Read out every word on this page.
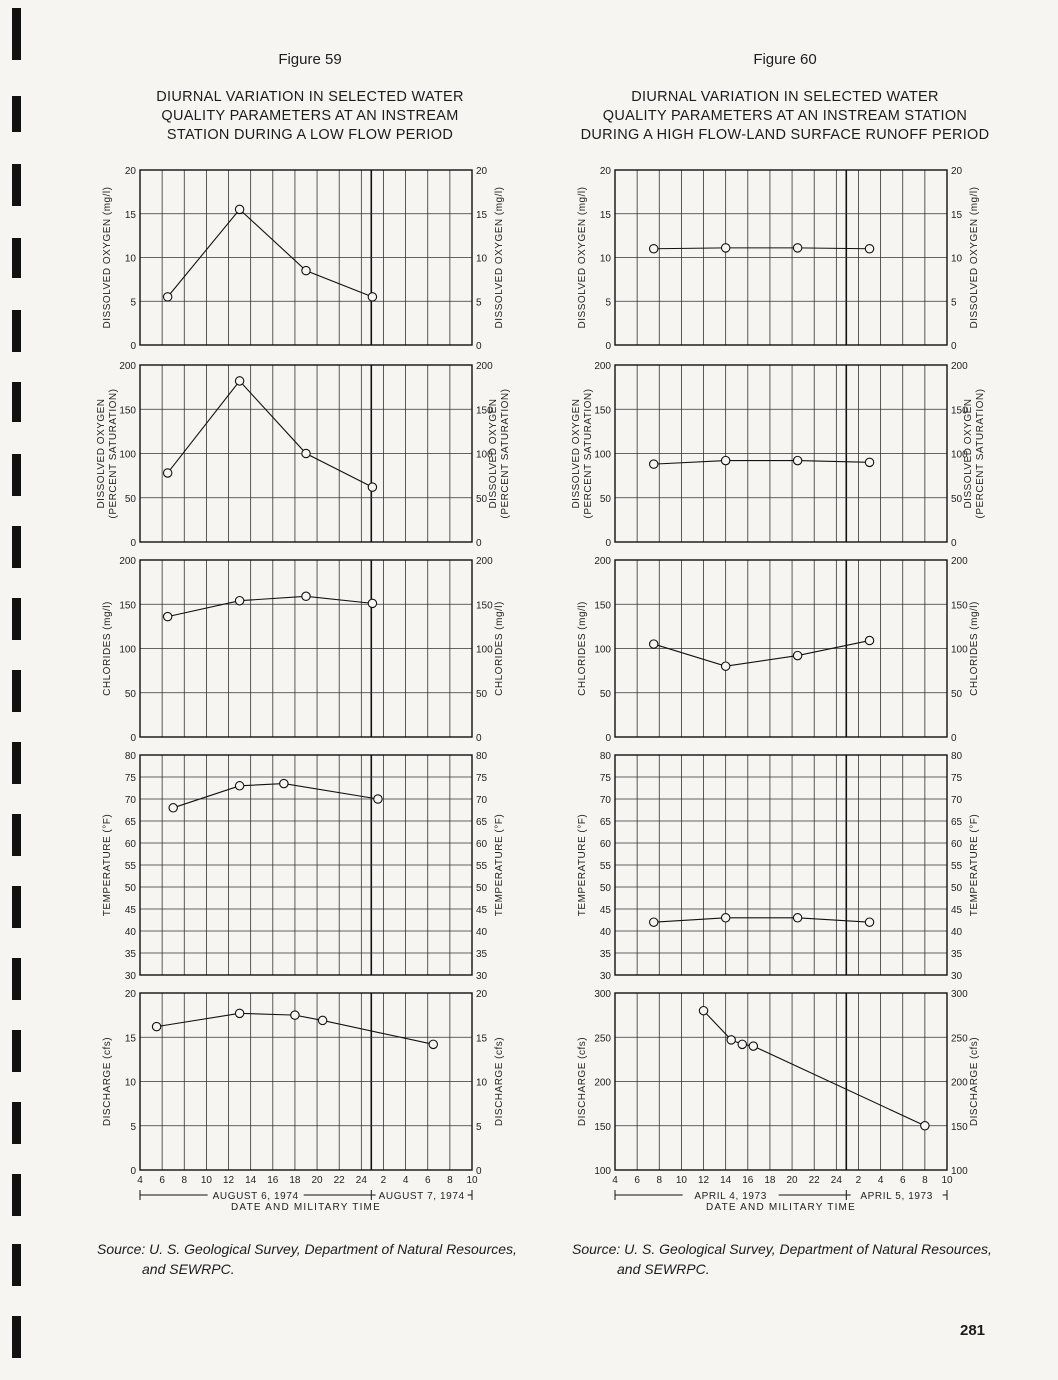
Figure 59	Figure 60
DIURNAL VARIATION IN SELECTED WATER
QUALITY PARAMETERS AT AN INSTREAM
STATION DURING A LOW FLOW PERIOD
DIURNAL VARIATION IN SELECTED WATER
QUALITY PARAMETERS AT AN INSTREAM STATION
DURING A HIGH FLOW-LAND SURFACE RUNOFF PERIOD
0	0
5	5
10	10
15	15
20	20
DISSOLVED OXYGEN (mg/l)	DISSOLVED OXYGEN (mg/l)
0	0
50	50
100	100
150	150
200	200
DISSOLVED OXYGEN	DISSOLVED OXYGEN
(PERCENT SATURATION)	(PERCENT SATURATION)
0	0
50	50
100	100
150	150
200	200
CHLORIDES (mg/l)	CHLORIDES (mg/l)
30	30
35	35
40	40
45	45
50	50
55	55
60	60
65	65
70	70
75	75
80	80
TEMPERATURE (°F)	TEMPERATURE (°F)
0	0
5	5
10	10
15	15
20	20
DISCHARGE (cfs)	DISCHARGE (cfs)
4 6 8 10 12 14 16 18 20 22 24 2 4 6 8 10
AUGUST 6, 1974	AUGUST 7, 1974
DATE AND MILITARY TIME
0	0
5	5
10	10
15	15
20	20
DISSOLVED OXYGEN (mg/l)	DISSOLVED OXYGEN (mg/l)
0	0
50	50
100	100
150	150
200	200
DISSOLVED OXYGEN	DISSOLVED OXYGEN
(PERCENT SATURATION)	(PERCENT SATURATION)
0	0
50	50
100	100
150	150
200	200
CHLORIDES (mg/l)	CHLORIDES (mg/l)
30	30
35	35
40	40
45	45
50	50
55	55
60	60
65	65
70	70
75	75
80	80
TEMPERATURE (°F)	TEMPERATURE (°F)
100	100
150	150
200	200
250	250
300	300
DISCHARGE (cfs)	DISCHARGE (cfs)
4 6 8 10 12 14 16 18 20 22 24 2 4 6 8 10
APRIL 4, 1973	APRIL 5, 1973
DATE AND MILITARY TIME
Source: U. S. Geological Survey, Department of Natural Resources,
and SEWRPC.
Source: U. S. Geological Survey, Department of Natural Resources,
and SEWRPC.
281
